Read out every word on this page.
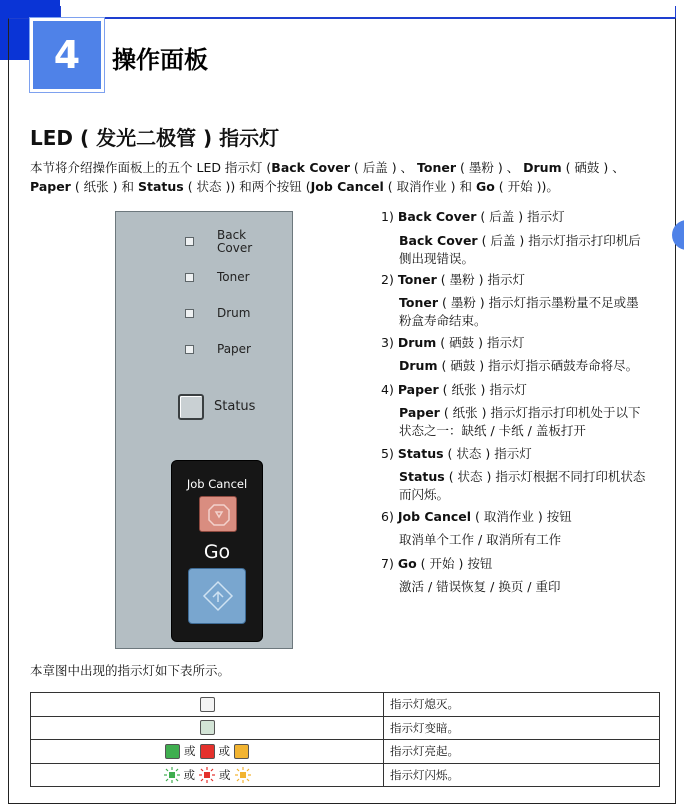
4	操作面板
LED ( 发光二极管 ) 指示灯
本节将介绍操作面板上的五个 LED 指示灯 (Back Cover ( 后盖 ) 、 Toner ( 墨粉 ) 、 Drum ( 硒鼓 ) 、 Paper ( 纸张 ) 和 Status ( 状态 )) 和两个按钮 (Job Cancel ( 取消作业 ) 和 Go ( 开始 ))。
Back
Cover
Toner
Drum
Paper
Status
Job Cancel
Go
1) Back Cover ( 后盖 ) 指示灯
Back Cover ( 后盖 ) 指示灯指示打印机后侧出现错误。
2) Toner ( 墨粉 ) 指示灯
Toner ( 墨粉 ) 指示灯指示墨粉量不足或墨粉盒寿命结束。
3) Drum ( 硒鼓 ) 指示灯
Drum ( 硒鼓 ) 指示灯指示硒鼓寿命将尽。
4) Paper ( 纸张 ) 指示灯
Paper ( 纸张 ) 指示灯指示打印机处于以下状态之一：缺纸 / 卡纸 / 盖板打开
5) Status ( 状态 ) 指示灯
Status ( 状态 ) 指示灯根据不同打印机状态而闪烁。
6) Job Cancel ( 取消作业 ) 按钮
取消单个工作 / 取消所有工作
7) Go ( 开始 ) 按钮
激活 / 错误恢复 / 换页 / 重印
本章图中出现的指示灯如下表所示。
	指示灯熄灭。
	指示灯变暗。
或 或	指示灯亮起。
或 或	指示灯闪烁。
